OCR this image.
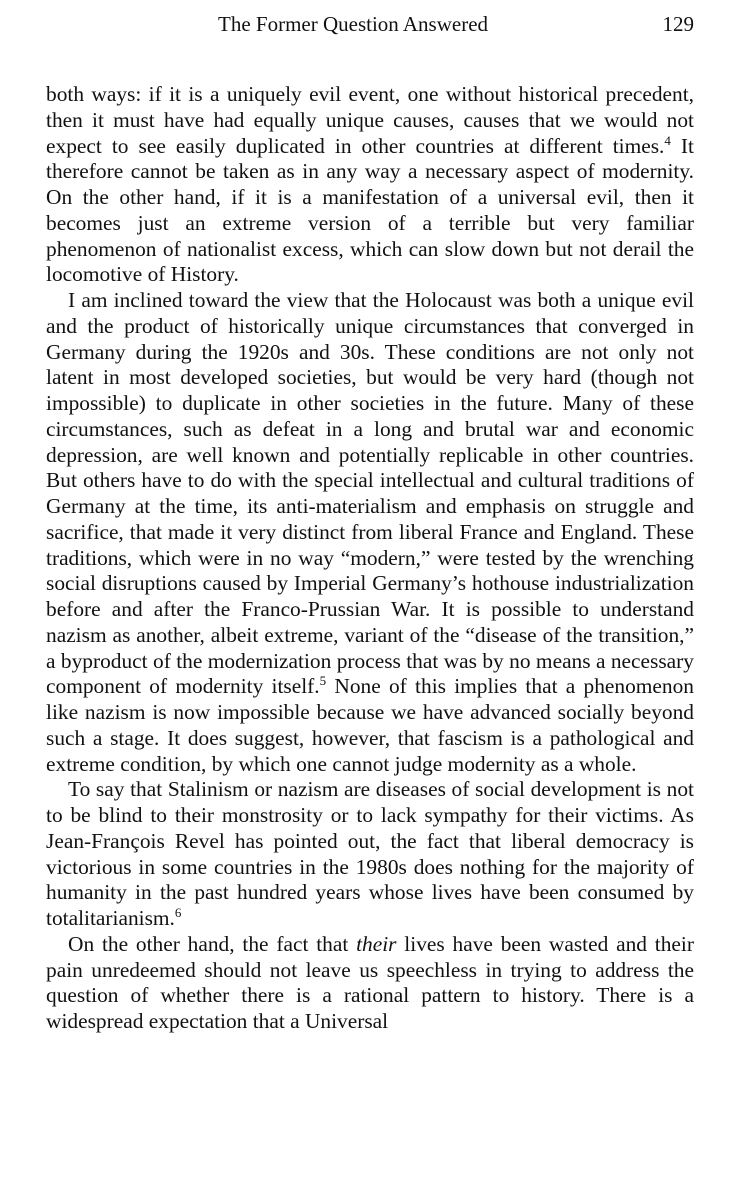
The Former Question Answered	129

both ways: if it is a uniquely evil event, one without historical precedent, then it must have had equally unique causes, causes that we would not expect to see easily duplicated in other countries at different times.$^4$ It therefore cannot be taken as in any way a necessary aspect of modernity. On the other hand, if it is a manifestation of a universal evil, then it becomes just an extreme version of a terrible but very familiar phenomenon of nationalist excess, which can slow down but not derail the locomotive of History.

I am inclined toward the view that the Holocaust was both a unique evil and the product of historically unique circumstances that converged in Germany during the 1920s and 30s. These conditions are not only not latent in most developed societies, but would be very hard (though not impossible) to duplicate in other societies in the future. Many of these circumstances, such as defeat in a long and brutal war and economic depression, are well known and potentially replicable in other countries. But others have to do with the special intellectual and cultural traditions of Germany at the time, its anti-materialism and emphasis on struggle and sacrifice, that made it very distinct from liberal France and England. These traditions, which were in no way “modern,” were tested by the wrenching social disruptions caused by Imperial Germany’s hothouse industrialization before and after the Franco-Prussian War. It is possible to understand nazism as another, albeit extreme, variant of the “disease of the transition,” a byproduct of the modernization process that was by no means a necessary component of modernity itself.$^5$ None of this implies that a phenomenon like nazism is now impossible because we have advanced socially beyond such a stage. It does suggest, however, that fascism is a pathological and extreme condition, by which one cannot judge modernity as a whole.

To say that Stalinism or nazism are diseases of social development is not to be blind to their monstrosity or to lack sympathy for their victims. As Jean-François Revel has pointed out, the fact that liberal democracy is victorious in some countries in the 1980s does nothing for the majority of humanity in the past hundred years whose lives have been consumed by totalitarianism.$^6$

On the other hand, the fact that their lives have been wasted and their pain unredeemed should not leave us speechless in trying to address the question of whether there is a rational pattern to history. There is a widespread expectation that a Universal
